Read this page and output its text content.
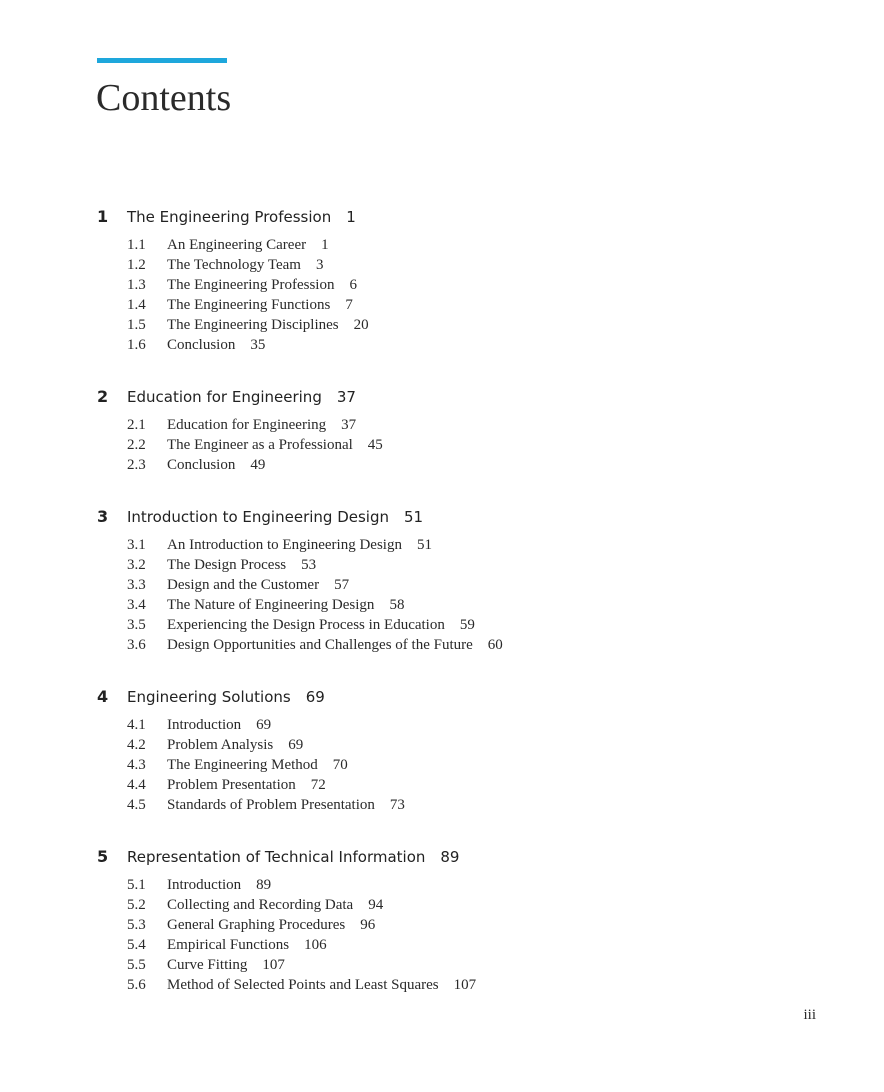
Contents
1	The Engineering Profession 1
1.1	An Engineering Career 1
1.2	The Technology Team 3
1.3	The Engineering Profession 6
1.4	The Engineering Functions 7
1.5	The Engineering Disciplines 20
1.6	Conclusion 35
2	Education for Engineering 37
2.1	Education for Engineering 37
2.2	The Engineer as a Professional 45
2.3	Conclusion 49
3	Introduction to Engineering Design 51
3.1	An Introduction to Engineering Design 51
3.2	The Design Process 53
3.3	Design and the Customer 57
3.4	The Nature of Engineering Design 58
3.5	Experiencing the Design Process in Education 59
3.6	Design Opportunities and Challenges of the Future 60
4	Engineering Solutions 69
4.1	Introduction 69
4.2	Problem Analysis 69
4.3	The Engineering Method 70
4.4	Problem Presentation 72
4.5	Standards of Problem Presentation 73
5	Representation of Technical Information 89
5.1	Introduction 89
5.2	Collecting and Recording Data 94
5.3	General Graphing Procedures 96
5.4	Empirical Functions 106
5.5	Curve Fitting 107
5.6	Method of Selected Points and Least Squares 107
iii
